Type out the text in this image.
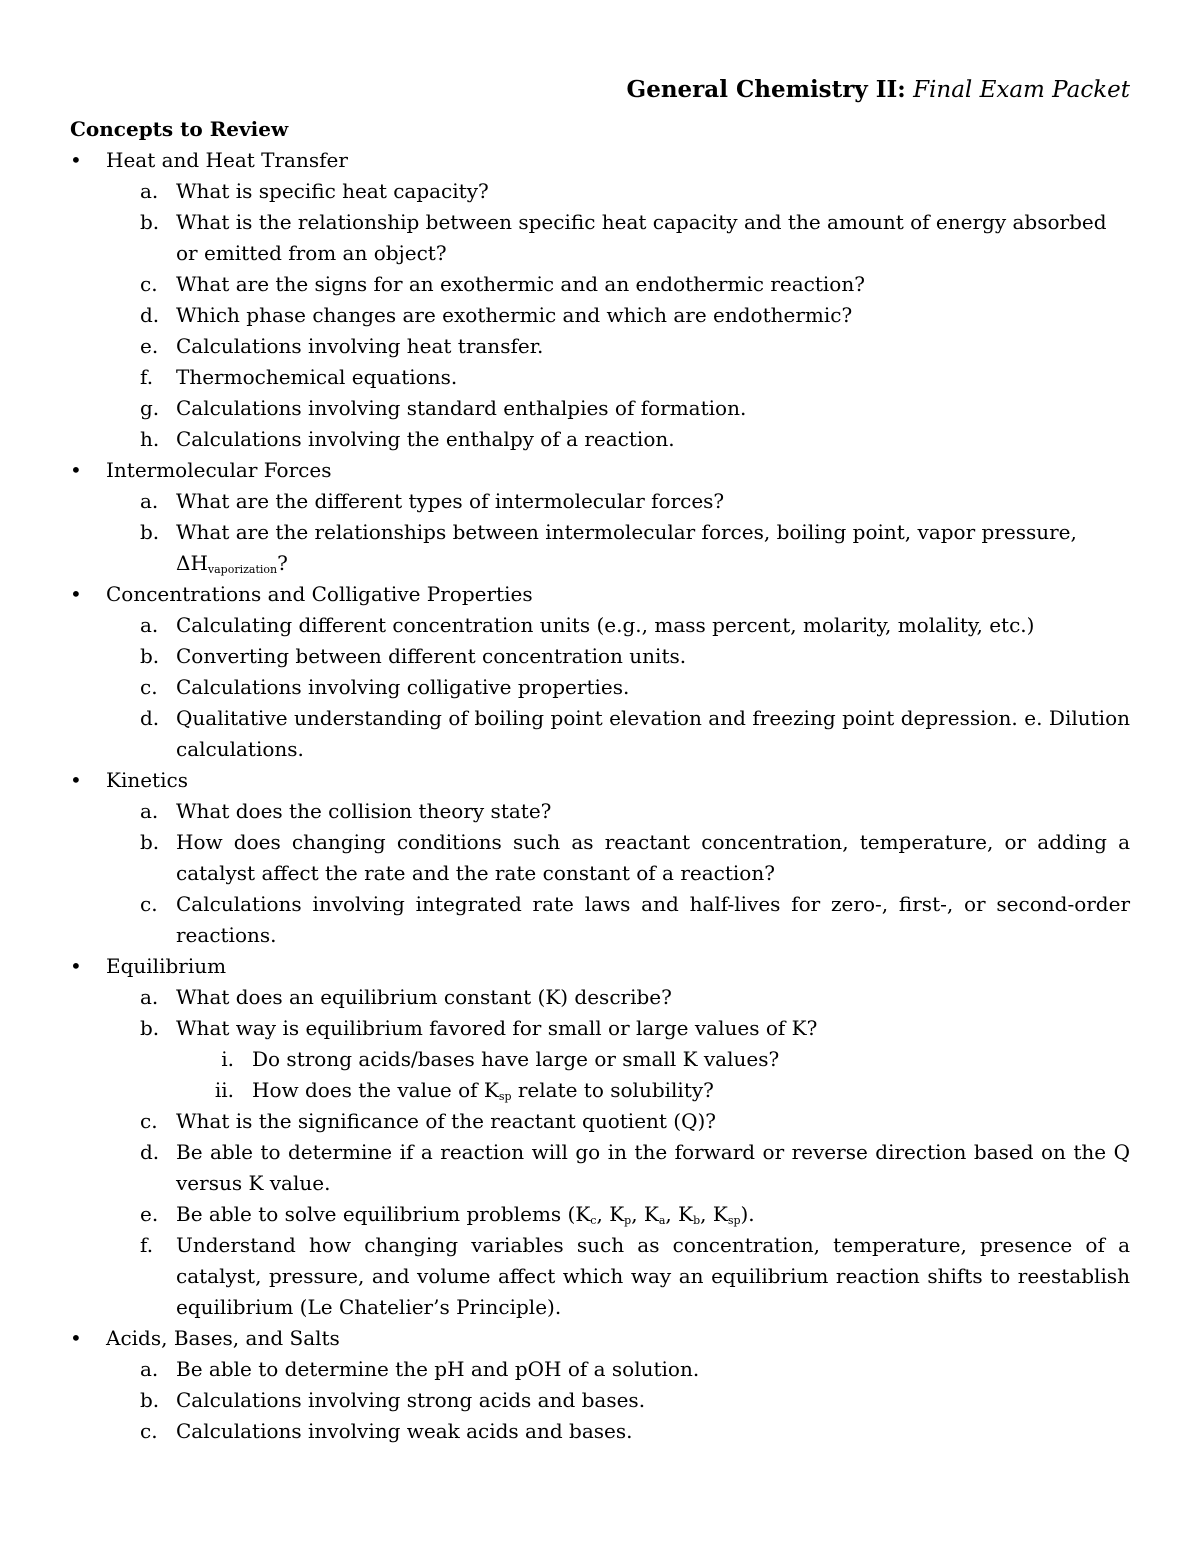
General Chemistry II: Final Exam Packet
Concepts to Review
• Heat and Heat Transfer
a. What is specific heat capacity?
b. What is the relationship between specific heat capacity and the amount of energy absorbed or emitted from an object?
c. What are the signs for an exothermic and an endothermic reaction?
d. Which phase changes are exothermic and which are endothermic?
e. Calculations involving heat transfer.
f. Thermochemical equations.
g. Calculations involving standard enthalpies of formation.
h. Calculations involving the enthalpy of a reaction.
• Intermolecular Forces
a. What are the different types of intermolecular forces?
b. What are the relationships between intermolecular forces, boiling point, vapor pressure,
$\Delta H_{vaporization}$?
• Concentrations and Colligative Properties
a. Calculating different concentration units (e.g., mass percent, molarity, molality, etc.)
b. Converting between different concentration units.
c. Calculations involving colligative properties.
d. Qualitative understanding of boiling point elevation and freezing point depression. e. Dilution calculations.
• Kinetics
a. What does the collision theory state?
b. How does changing conditions such as reactant concentration, temperature, or adding a catalyst affect the rate and the rate constant of a reaction?
c. Calculations involving integrated rate laws and half-lives for zero-, first-, or second-order reactions.
• Equilibrium
a. What does an equilibrium constant (K) describe?
b. What way is equilibrium favored for small or large values of K?
i. Do strong acids/bases have large or small K values?
ii. How does the value of $K_{sp}$ relate to solubility?
c. What is the significance of the reactant quotient (Q)?
d. Be able to determine if a reaction will go in the forward or reverse direction based on the Q versus K value.
e. Be able to solve equilibrium problems ($K_c$, $K_p$, $K_a$, $K_b$, $K_{sp}$).
f. Understand how changing variables such as concentration, temperature, presence of a catalyst, pressure, and volume affect which way an equilibrium reaction shifts to reestablish equilibrium (Le Chatelier’s Principle).
• Acids, Bases, and Salts
a. Be able to determine the pH and pOH of a solution.
b. Calculations involving strong acids and bases.
c. Calculations involving weak acids and bases.
